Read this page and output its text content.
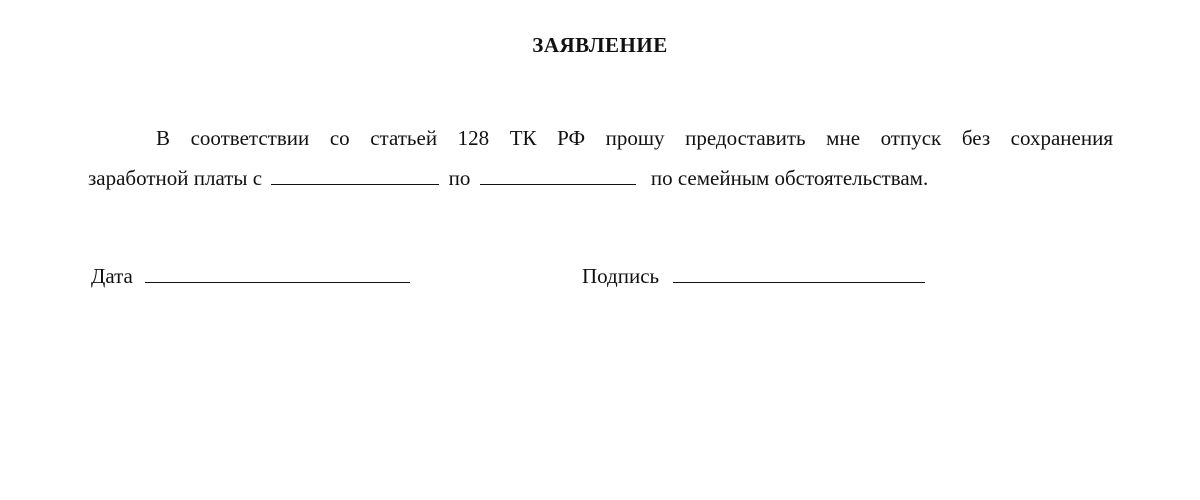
ЗАЯВЛЕНИЕ
В соответствии со статьей 128 ТК РФ прошу предоставить мне отпуск без сохранения
заработной платы с	по	по семейным обстоятельствам.
Дата	Подпись
